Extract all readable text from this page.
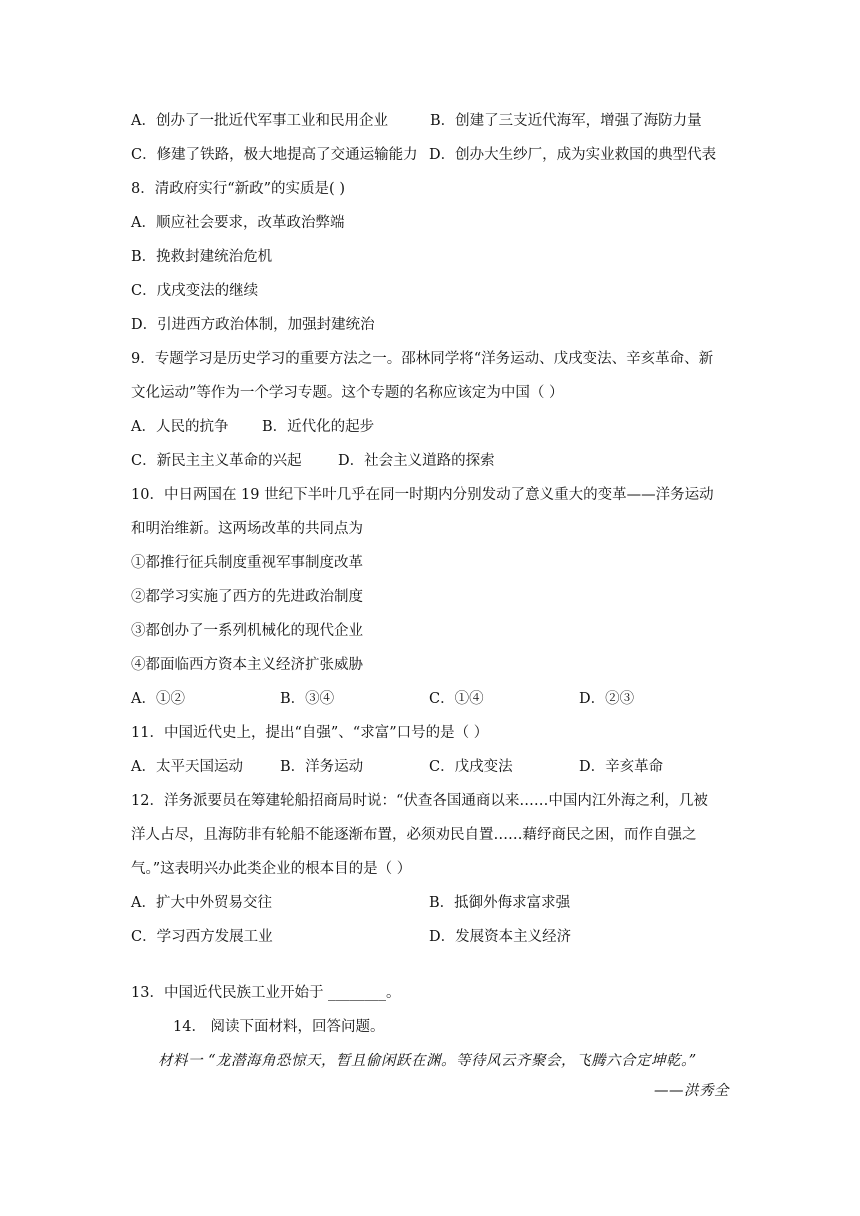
A．创办了一批近代军事工业和民用企业	B．创建了三支近代海军，增强了海防力量
C．修建了铁路，极大地提高了交通运输能力 D．创办大生纱厂，成为实业救国的典型代表
8．清政府实行“新政”的实质是( )
A．顺应社会要求，改革政治弊端
B．挽救封建统治危机
C．戊戌变法的继续
D．引进西方政治体制，加强封建统治
9．专题学习是历史学习的重要方法之一。邵林同学将“洋务运动、戊戌变法、辛亥革命、新
文化运动”等作为一个学习专题。这个专题的名称应该定为中国（ ）
A．人民的抗争 B．近代化的起步
C．新民主主义革命的兴起	D．社会主义道路的探索
10．中日两国在 19 世纪下半叶几乎在同一时期内分别发动了意义重大的变革——洋务运动
和明治维新。这两场改革的共同点为
①都推行征兵制度重视军事制度改革
②都学习实施了西方的先进政治制度
③都创办了一系列机械化的现代企业
④都面临西方资本主义经济扩张威胁
A．①②	B．③④	C．①④	D．②③
11．中国近代史上，提出“自强”、“求富”口号的是（ ）
A．太平天国运动	B．洋务运动	C．戊戌变法	D．辛亥革命
12．洋务派要员在筹建轮船招商局时说：“伏查各国通商以来……中国内江外海之利，几被
洋人占尽，且海防非有轮船不能逐渐布置，必须劝民自置……藉纾商民之困，而作自强之
气。”这表明兴办此类企业的根本目的是（ ）
A．扩大中外贸易交往	B．抵御外侮求富求强
C．学习西方发展工业	D．发展资本主义经济
13．中国近代民族工业开始于 ________。
14． 阅读下面材料，回答问题。
材料一 “龙潜海角恐惊天，暂且偷闲跃在渊。等待风云齐聚会，飞腾六合定坤乾。”
——洪秀全
